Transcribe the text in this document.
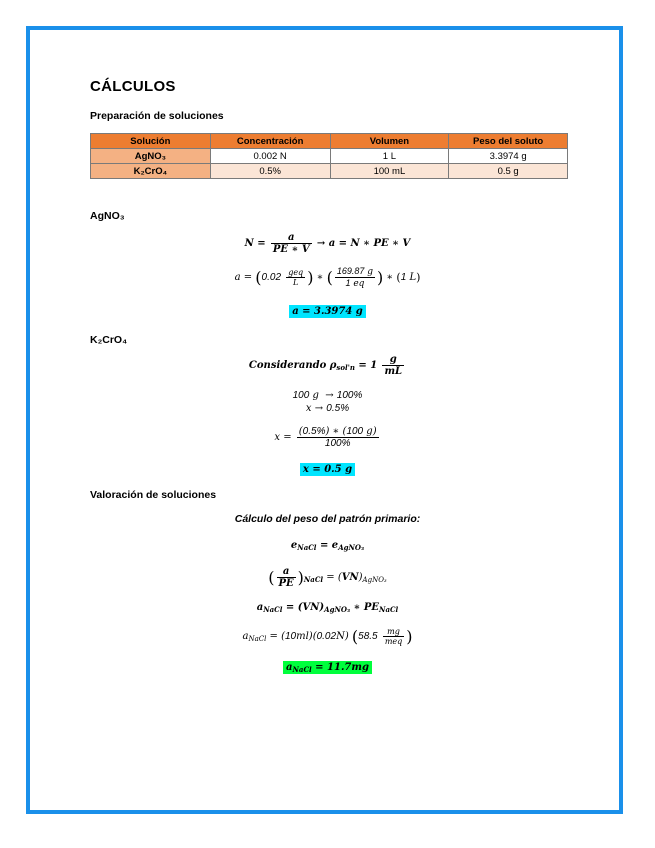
CÁLCULOS
Preparación de soluciones
Solución	Concentración	Volumen	Peso del soluto
AgNO₃	0.002 N	1 L	3.3974 g
K₂CrO₄	0.5%	100 mL	0.5 g
AgNO₃
$N = \frac{a}{PE ∗ V} \to a = N$ ∗ PE ∗ V
$a = (0.02 \frac{\text{geq}}{L}$ ) ∗ ( $\frac{169.87 g}{1 eq}$ ) ∗ (1 L)
a = 3.3974 g
K₂CrO₄
Considerando $\rho_{sol'n} = 1 \frac{g}{mL}$
100 g  → 100%
x → 0.5%
$x = \frac{(0.5\%) ∗ (100 g)}{100\%}$
x = 0.5 g
Valoración de soluciones
Cálculo del peso del patrón primario:
$e_{NaCl} = e_{AgNO_3}$
( $\frac{a}{PE} )_{NaCl} = (VN)_{AgNO_3}$
$a_{NaCl} = (VN)_{AgNO_3}$ ∗ $PE_{NaCl}$
$a_{NaCl} = (10ml)(0.02N)$ ($58.5 \frac{mg}{\text{meq}}$ )
$a_{NaCl} = 11.7mg$
